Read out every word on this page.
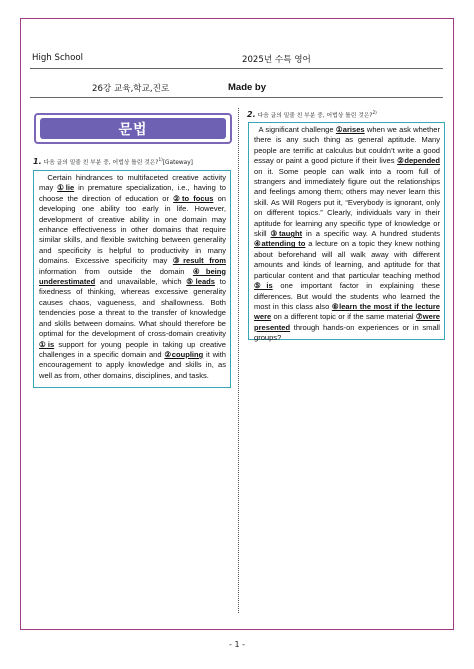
High School	2025년 수특 영어
26강 교육,학교,진로	Made by
문법
1. 다음 글의 밑줄 친 부분 중, 어법상 틀린 것은?$^{1)}$[Gateway]
Certain hindrances to multifaceted creative activity may ①lie in premature specialization, i.e., having to choose the direction of education or ②to focus on developing one ability too early in life. However, development of creative ability in one domain may enhance effectiveness in other domains that require similar skills, and flexible switching between generality and specificity is helpful to productivity in many domains. Excessive specificity may ③result from information from outside the domain ④being underestimated and unavailable, which ⑤leads to fixedness of thinking, whereas excessive generality causes chaos, vagueness, and shallowness. Both tendencies pose a threat to the transfer of knowledge and skills between domains. What should therefore be optimal for the development of cross-domain creativity ①is support for young people in taking up creative challenges in a specific domain and ②coupling it with encouragement to apply knowledge and skills in, as well as from, other domains, disciplines, and tasks.
2. 다음 글의 밑줄 친 부분 중, 어법상 틀린 것은?$^{2)}$
A significant challenge ①arises when we ask whether there is any such thing as general aptitude. Many people are terrific at calculus but couldn’t write a good essay or paint a good picture if their lives ②depended on it. Some people can walk into a room full of strangers and immediately figure out the relationships and feelings among them; others may never learn this skill. As Will Rogers put it, “Everybody is ignorant, only on different topics.” Clearly, individuals vary in their aptitude for learning any specific type of knowledge or skill ③taught in a specific way. A hundred students ④attending to a lecture on a topic they knew nothing about beforehand will all walk away with different amounts and kinds of learning, and aptitude for that particular content and that particular teaching method ⑤is one important factor in explaining these differences. But would the students who learned the most in this class also ⑥learn the most if the lecture were on a different topic or if the same material ⑦were presented through hands-on experiences or in small groups?
- 1 -
